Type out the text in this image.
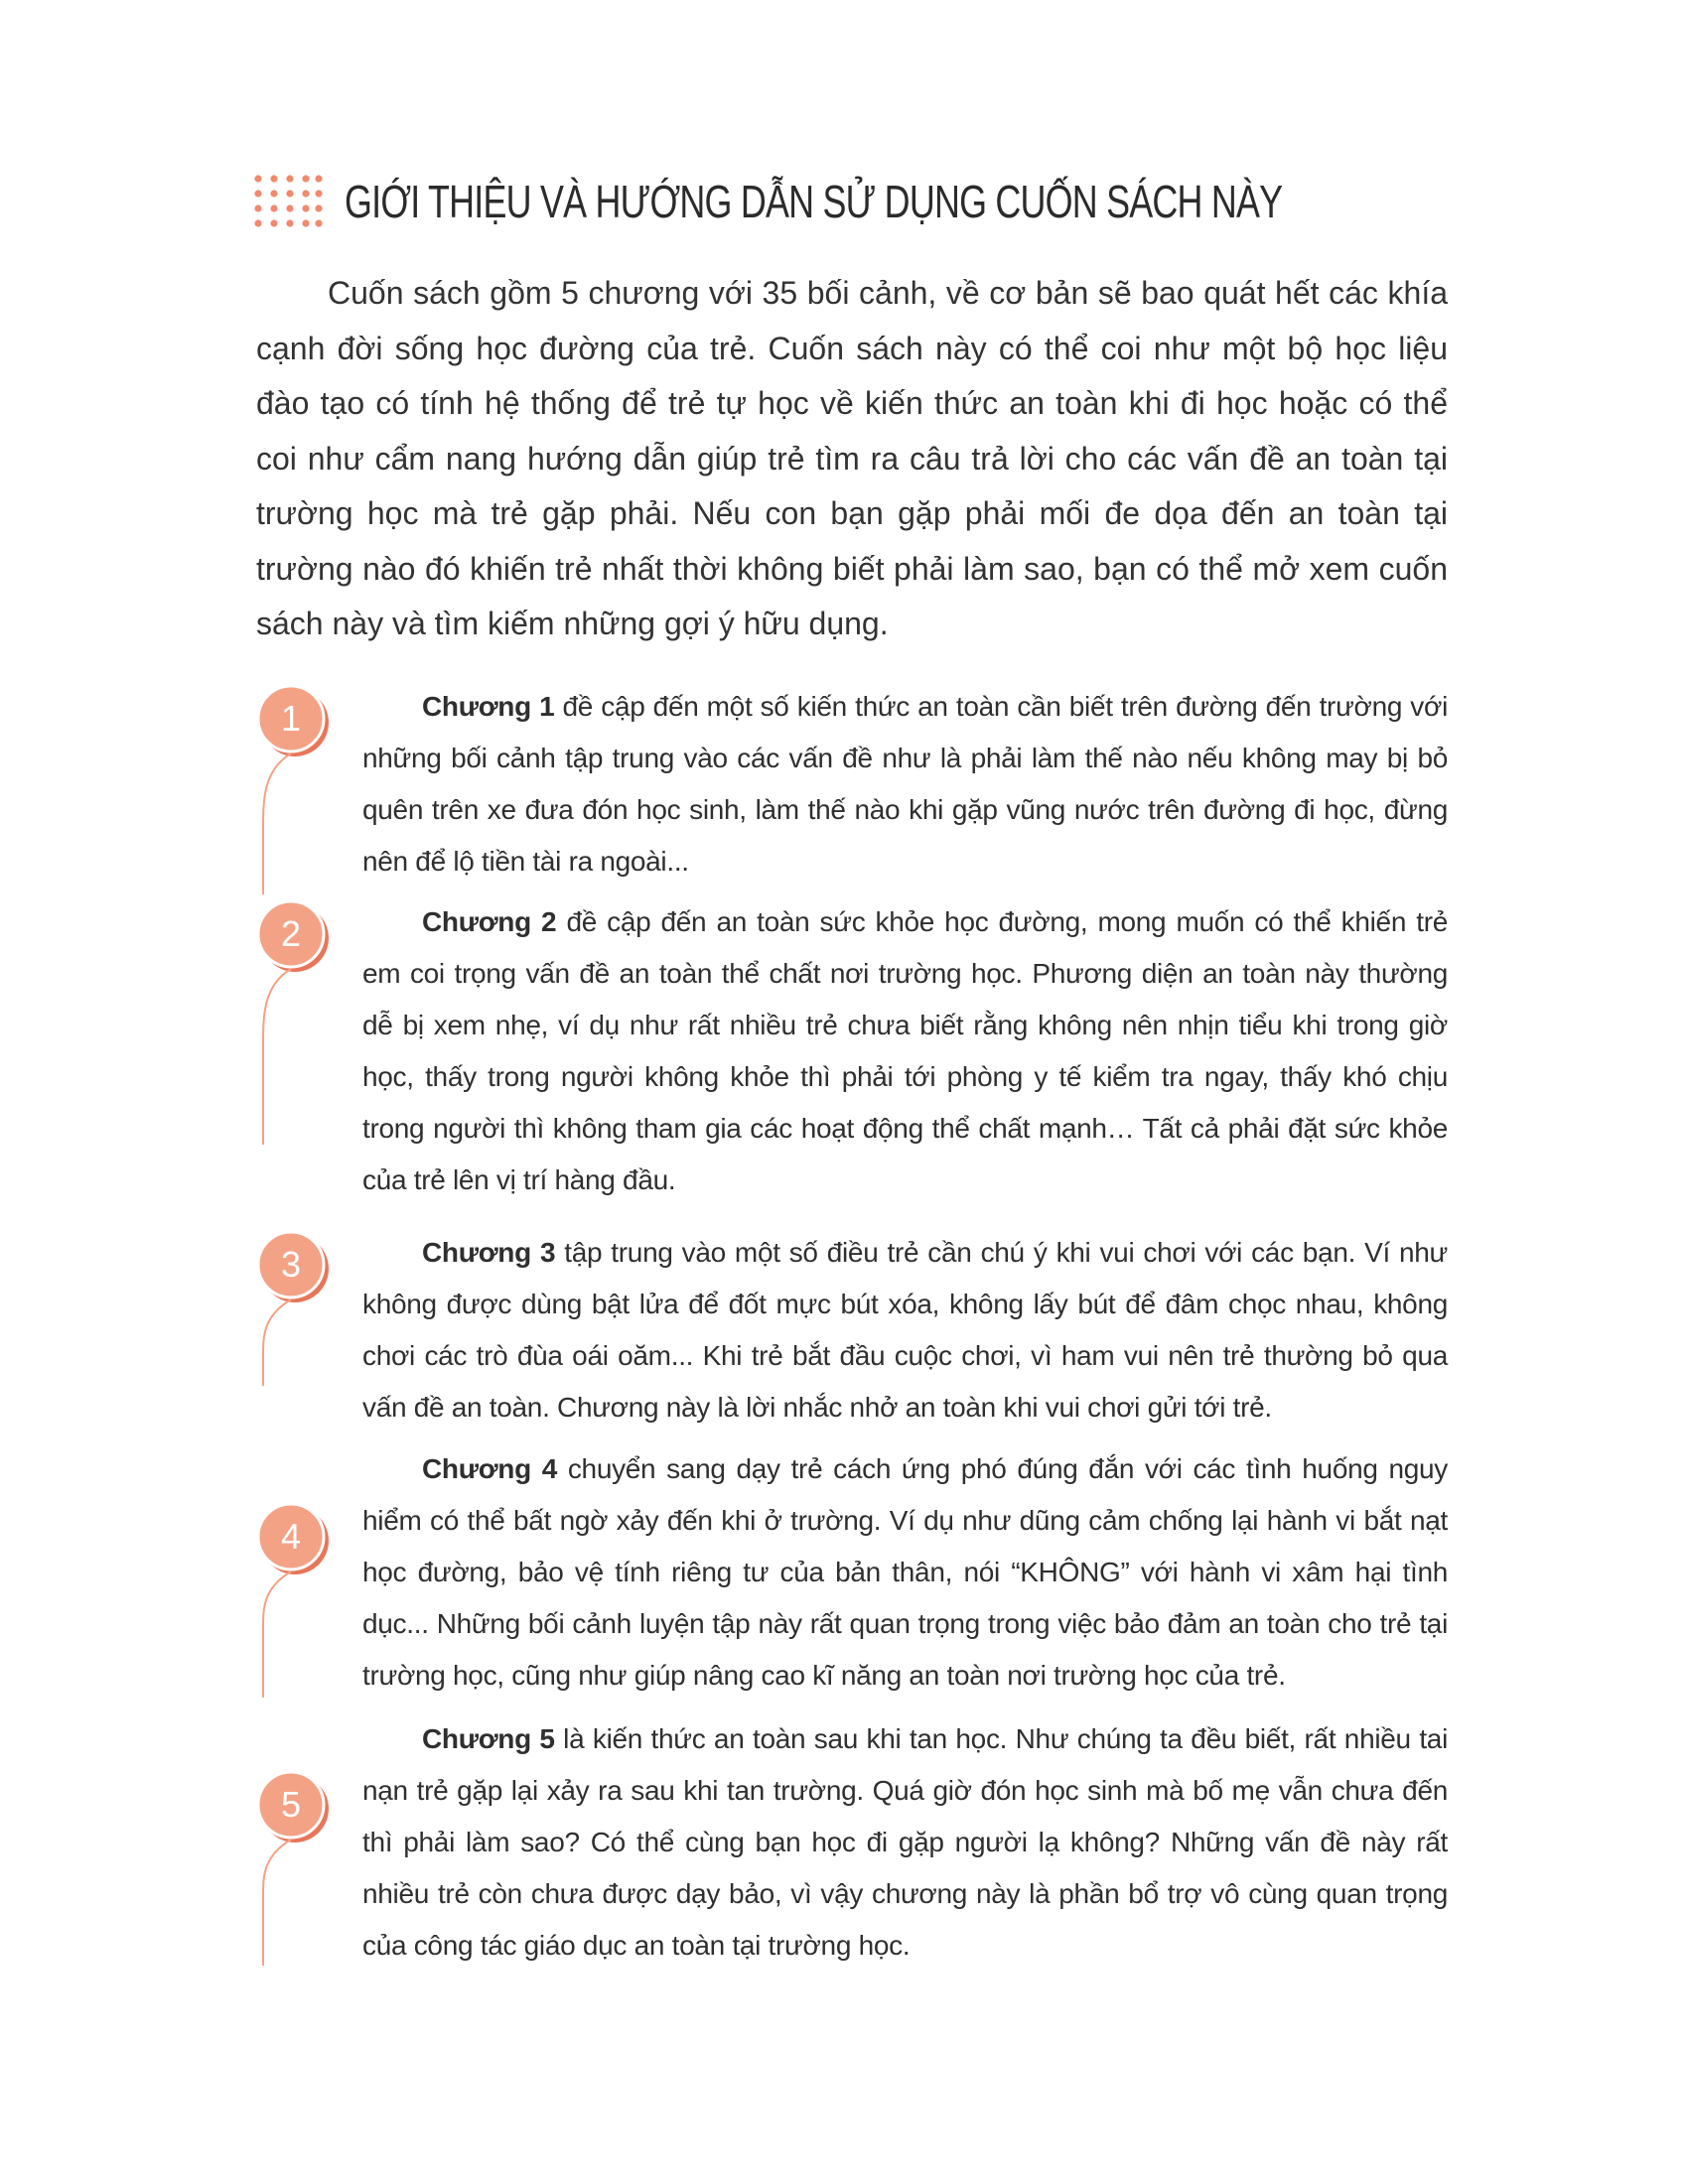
GIỚI THIỆU VÀ HƯỚNG DẪN SỬ DỤNG CUỐN SÁCH NÀY
Cuốn sách gồm 5 chương với 35 bối cảnh, về cơ bản sẽ bao quát hết các khía cạnh đời sống học đường của trẻ. Cuốn sách này có thể coi như một bộ học liệu đào tạo có tính hệ thống để trẻ tự học về kiến thức an toàn khi đi học hoặc có thể coi như cẩm nang hướng dẫn giúp trẻ tìm ra câu trả lời cho các vấn đề an toàn tại trường học mà trẻ gặp phải. Nếu con bạn gặp phải mối đe dọa đến an toàn tại trường nào đó khiến trẻ nhất thời không biết phải làm sao, bạn có thể mở xem cuốn sách này và tìm kiếm những gợi ý hữu dụng.
1	Chương 1 đề cập đến một số kiến thức an toàn cần biết trên đường đến trường với những bối cảnh tập trung vào các vấn đề như là phải làm thế nào nếu không may bị bỏ quên trên xe đưa đón học sinh, làm thế nào khi gặp vũng nước trên đường đi học, đừng nên để lộ tiền tài ra ngoài...
2	Chương 2 đề cập đến an toàn sức khỏe học đường, mong muốn có thể khiến trẻ em coi trọng vấn đề an toàn thể chất nơi trường học. Phương diện an toàn này thường dễ bị xem nhẹ, ví dụ như rất nhiều trẻ chưa biết rằng không nên nhịn tiểu khi trong giờ học, thấy trong người không khỏe thì phải tới phòng y tế kiểm tra ngay, thấy khó chịu trong người thì không tham gia các hoạt động thể chất mạnh… Tất cả phải đặt sức khỏe của trẻ lên vị trí hàng đầu.
3	Chương 3 tập trung vào một số điều trẻ cần chú ý khi vui chơi với các bạn. Ví như không được dùng bật lửa để đốt mực bút xóa, không lấy bút để đâm chọc nhau, không chơi các trò đùa oái oăm... Khi trẻ bắt đầu cuộc chơi, vì ham vui nên trẻ thường bỏ qua vấn đề an toàn. Chương này là lời nhắc nhở an toàn khi vui chơi gửi tới trẻ.
4
Chương 4 chuyển sang dạy trẻ cách ứng phó đúng đắn với các tình huống nguy hiểm có thể bất ngờ xảy đến khi ở trường. Ví dụ như dũng cảm chống lại hành vi bắt nạt học đường, bảo vệ tính riêng tư của bản thân, nói “KHÔNG” với hành vi xâm hại tình dục... Những bối cảnh luyện tập này rất quan trọng trong việc bảo đảm an toàn cho trẻ tại trường học, cũng như giúp nâng cao kĩ năng an toàn nơi trường học của trẻ.
5
Chương 5 là kiến thức an toàn sau khi tan học. Như chúng ta đều biết, rất nhiều tai nạn trẻ gặp lại xảy ra sau khi tan trường. Quá giờ đón học sinh mà bố mẹ vẫn chưa đến thì phải làm sao? Có thể cùng bạn học đi gặp người lạ không? Những vấn đề này rất nhiều trẻ còn chưa được dạy bảo, vì vậy chương này là phần bổ trợ vô cùng quan trọng của công tác giáo dục an toàn tại trường học.
